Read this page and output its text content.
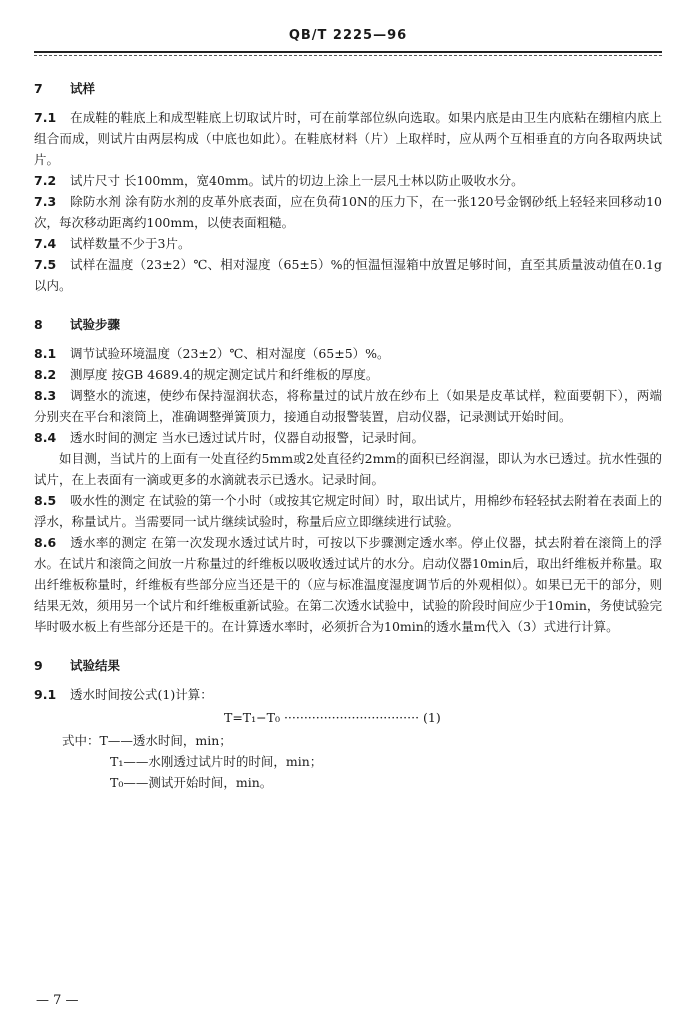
QB/T 2225—96
7 试样

7.1 在成鞋的鞋底上和成型鞋底上切取试片时，可在前掌部位纵向选取。如果内底是由卫生内底粘在绷楦内底上组合而成，则试片由两层构成（中底也如此）。在鞋底材料（片）上取样时，应从两个互相垂直的方向各取两块试片。

7.2 试片尺寸 长100mm，宽40mm。试片的切边上涂上一层凡士林以防止吸收水分。

7.3 除防水剂 涂有防水剂的皮革外底表面，应在负荷10N的压力下，在一张120号金钢砂纸上轻轻来回移动10次，每次移动距离约100mm，以使表面粗糙。

7.4 试样数量不少于3片。

7.5 试样在温度（23±2）℃、相对湿度（65±5）%的恒温恒湿箱中放置足够时间，直至其质量波动值在0.1g以内。

8 试验步骤

8.1 调节试验环境温度（23±2）℃、相对湿度（65±5）%。

8.2 测厚度 按GB 4689.4的规定测定试片和纤维板的厚度。

8.3 调整水的流速，使纱布保持湿润状态，将称量过的试片放在纱布上（如果是皮革试样，粒面要朝下），两端分别夹在平台和滚筒上，准确调整弹簧顶力，接通自动报警装置，启动仪器，记录测试开始时间。

8.4 透水时间的测定 当水已透过试片时，仪器自动报警，记录时间。

如目测，当试片的上面有一处直径约5mm或2处直径约2mm的面积已经润湿，即认为水已透过。抗水性强的试片，在上表面有一滴或更多的水滴就表示已透水。记录时间。

8.5 吸水性的测定 在试验的第一个小时（或按其它规定时间）时，取出试片，用棉纱布轻轻拭去附着在表面上的浮水，称量试片。当需要同一试片继续试验时，称量后应立即继续进行试验。

8.6 透水率的测定 在第一次发现水透过试片时，可按以下步骤测定透水率。停止仪器，拭去附着在滚筒上的浮水。在试片和滚筒之间放一片称量过的纤维板以吸收透过试片的水分。启动仪器10min后，取出纤维板并称量。取出纤维板称量时，纤维板有些部分应当还是干的（应与标准温度湿度调节后的外观相似）。如果已无干的部分，则结果无效，须用另一个试片和纤维板重新试验。在第二次透水试验中，试验的阶段时间应少于10min，务使试验完毕时吸水板上有些部分还是干的。在计算透水率时，必须折合为10min的透水量m代入（3）式进行计算。

9 试验结果

9.1 透水时间按公式(1)计算：

T=T₁−T₀ ·································· (1)

式中：T——透水时间，min；

T₁——水刚透过试片时的时间，min；

T₀——测试开始时间，min。

— 7 —
